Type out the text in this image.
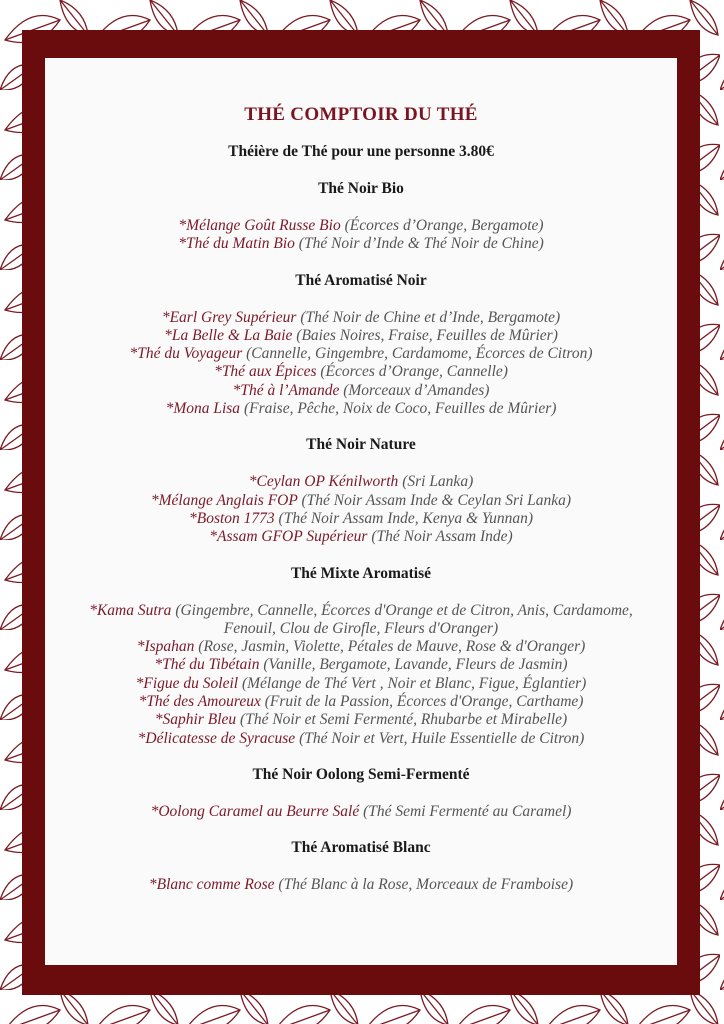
THÉ COMPTOIR DU THÉ
Théière de Thé pour une personne 3.80€
Thé Noir Bio
*Mélange Goût Russe Bio (Écorces d’Orange, Bergamote)
*Thé du Matin Bio (Thé Noir d’Inde & Thé Noir de Chine)
Thé Aromatisé Noir
*Earl Grey Supérieur (Thé Noir de Chine et d’Inde, Bergamote)
*La Belle & La Baie (Baies Noires, Fraise, Feuilles de Mûrier)
*Thé du Voyageur (Cannelle, Gingembre, Cardamome, Écorces de Citron)
*Thé aux Épices (Écorces d’Orange, Cannelle)
*Thé à l’Amande (Morceaux d’Amandes)
*Mona Lisa (Fraise, Pêche, Noix de Coco, Feuilles de Mûrier)
Thé Noir Nature
*Ceylan OP Kénilworth (Sri Lanka)
*Mélange Anglais FOP (Thé Noir Assam Inde & Ceylan Sri Lanka)
*Boston 1773 (Thé Noir Assam Inde, Kenya & Yunnan)
*Assam GFOP Supérieur (Thé Noir Assam Inde)
Thé Mixte Aromatisé
*Kama Sutra (Gingembre, Cannelle, Écorces d'Orange et de Citron, Anis, Cardamome, Fenouil, Clou de Girofle, Fleurs d'Oranger)
*Ispahan (Rose, Jasmin, Violette, Pétales de Mauve, Rose & d'Oranger)
*Thé du Tibétain (Vanille, Bergamote, Lavande, Fleurs de Jasmin)
*Figue du Soleil (Mélange de Thé Vert , Noir et Blanc, Figue, Églantier)
*Thé des Amoureux (Fruit de la Passion, Écorces d'Orange, Carthame)
*Saphir Bleu (Thé Noir et Semi Fermenté, Rhubarbe et Mirabelle)
*Délicatesse de Syracuse (Thé Noir et Vert, Huile Essentielle de Citron)
Thé Noir Oolong Semi-Fermenté
*Oolong Caramel au Beurre Salé (Thé Semi Fermenté au Caramel)
Thé Aromatisé Blanc
*Blanc comme Rose (Thé Blanc à la Rose, Morceaux de Framboise)
